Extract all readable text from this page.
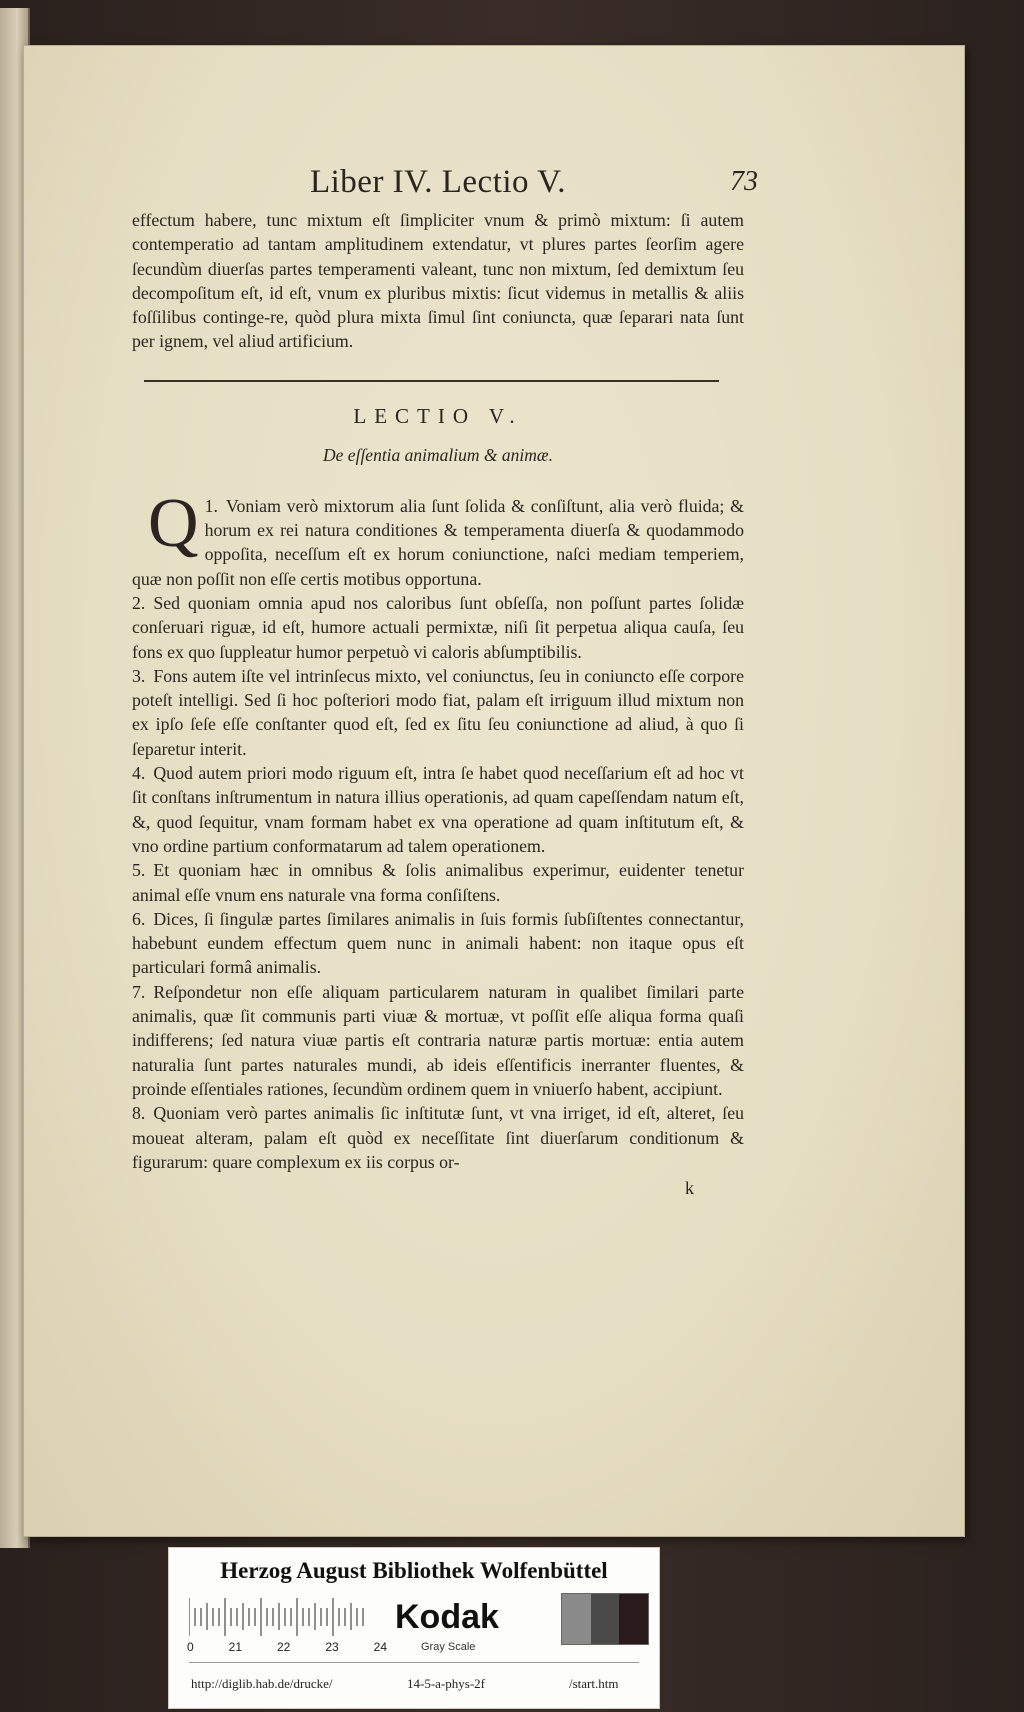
Liber IV. Lectio V.	73

effectum habere, tunc mixtum eſt ſimpliciter vnum & primò mixtum: ſi autem contemperatio ad tantam amplitudinem extendatur, vt plures partes ſeorſim agere ſecundùm diuerſas partes temperamenti valeant, tunc non mixtum, ſed demixtum ſeu decompoſitum eſt, id eſt, vnum ex pluribus mixtis: ſicut videmus in metallis & aliis foſſilibus continge-re, quòd plura mixta ſimul ſint coniuncta, quæ ſeparari nata ſunt per ignem, vel aliud artificium.

LECTIO V.
De eſſentia animalium & animæ.

1.
Q Voniam verò mixtorum alia ſunt ſolida & conſiſtunt, alia verò fluida; & horum ex rei natura conditiones & temperamenta diuerſa & quodammodo oppoſita, neceſſum eſt ex horum coniunctione, naſci mediam temperiem, quæ non poſſit non eſſe certis motibus opportuna.

2. Sed quoniam omnia apud nos caloribus ſunt obſeſſa, non poſſunt partes ſolidæ conſeruari riguæ, id eſt, humore actuali permixtæ, niſi ſit perpetua aliqua cauſa, ſeu fons ex quo ſuppleatur humor perpetuò vi caloris abſumptibilis.

3. Fons autem iſte vel intrinſecus mixto, vel coniunctus, ſeu in coniuncto eſſe corpore poteſt intelligi. Sed ſi hoc poſteriori modo fiat, palam eſt irriguum illud mixtum non ex ipſo ſeſe eſſe conſtanter quod eſt, ſed ex ſitu ſeu coniunctione ad aliud, à quo ſi ſeparetur interit.

4. Quod autem priori modo riguum eſt, intra ſe habet quod neceſſarium eſt ad hoc vt ſit conſtans inſtrumentum in natura illius operationis, ad quam capeſſendam natum eſt, &, quod ſequitur, vnam formam habet ex vna operatione ad quam inſtitutum eſt, & vno ordine partium conformatarum ad talem operationem.

5. Et quoniam hæc in omnibus & ſolis animalibus experimur, euidenter tenetur animal eſſe vnum ens naturale vna forma conſiſtens.

6. Dices, ſi ſingulæ partes ſimilares animalis in ſuis formis ſubſiſtentes connectantur, habebunt eundem effectum quem nunc in animali habent: non itaque opus eſt particulari formâ animalis.

7. Reſpondetur non eſſe aliquam particularem naturam in qualibet ſimilari parte animalis, quæ ſit communis parti viuæ & mortuæ, vt poſſit eſſe aliqua forma quaſi indifferens; ſed natura viuæ partis eſt contraria naturæ partis mortuæ: entia autem naturalia ſunt partes naturales mundi, ab ideis eſſentificis inerranter fluentes, & proinde eſſentiales rationes, ſecundùm ordinem quem in vniuerſo habent, accipiunt.

8. Quoniam verò partes animalis ſic inſtitutæ ſunt, vt vna irriget, id eſt, alteret, ſeu moueat alteram, palam eſt quòd ex neceſſitate ſint diuerſarum conditionum & figurarum: quare complexum ex iis corpus or-

k
Herzog August Bibliothek Wolfenbüttel
0	21	22	23	24
Kodak
Gray Scale
http://diglib.hab.de/drucke/	14-5-a-phys-2f	/start.htm
